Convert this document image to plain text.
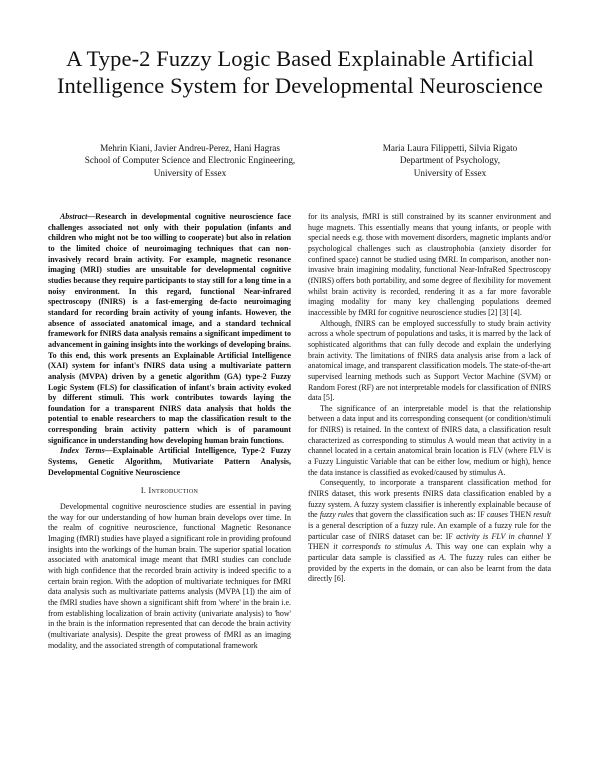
A Type-2 Fuzzy Logic Based Explainable Artificial Intelligence System for Developmental Neuroscience
Mehrin Kiani, Javier Andreu-Perez, Hani Hagras
School of Computer Science and Electronic Engineering,
University of Essex
Maria Laura Filippetti, Silvia Rigato
Department of Psychology,
University of Essex

Abstract—Research in developmental cognitive neuroscience face challenges associated not only with their population (infants and children who might not be too willing to cooperate) but also in relation to the limited choice of neuroimaging techniques that can non-invasively record brain activity. For example, magnetic resonance imaging (MRI) studies are unsuitable for developmental cognitive studies because they require participants to stay still for a long time in a noisy environment. In this regard, functional Near-infrared spectroscopy (fNIRS) is a fast-emerging de-facto neuroimaging standard for recording brain activity of young infants. However, the absence of associated anatomical image, and a standard technical framework for fNIRS data analysis remains a significant impediment to advancement in gaining insights into the workings of developing brains. To this end, this work presents an Explainable Artificial Intelligence (XAI) system for infant's fNIRS data using a multivariate pattern analysis (MVPA) driven by a genetic algorithm (GA) type-2 Fuzzy Logic System (FLS) for classification of infant's brain activity evoked by different stimuli. This work contributes towards laying the foundation for a transparent fNIRS data analysis that holds the potential to enable researchers to map the classification result to the corresponding brain activity pattern which is of paramount significance in understanding how developing human brain functions.

Index Terms—Explainable Artificial Intelligence, Type-2 Fuzzy Systems, Genetic Algorithm, Mutivariate Pattern Analysis, Developmental Cognitive Neuroscience

I. Introduction

Developmental cognitive neuroscience studies are essential in paving the way for our understanding of how human brain develops over time. In the realm of cognitive neuroscience, functional Magnetic Resonance Imaging (fMRI) studies have played a significant role in providing profound insights into the workings of the human brain. The superior spatial location associated with anatomical image meant that fMRI studies can conclude with high confidence that the recorded brain activity is indeed specific to a certain brain region. With the adoption of multivariate techniques for fMRI data analysis such as multivariate patterns analysis (MVPA [1]) the aim of the fMRI studies have shown a significant shift from 'where' in the brain i.e. from establishing localization of brain activity (univariate analysis) to 'how' in the brain is the information represented that can decode the brain activity (multivariate analysis). Despite the great prowess of fMRI as an imaging modality, and the associated strength of computational framework

for its analysis, fMRI is still constrained by its scanner environment and huge magnets. This essentially means that young infants, or people with special needs e.g. those with movement disorders, magnetic implants and/or psychological challenges such as claustrophobia (anxiety disorder for confined space) cannot be studied using fMRI. In comparison, another non-invasive brain imagining modality, functional Near-InfraRed Spectroscopy (fNIRS) offers both portability, and some degree of flexibility for movement whilst brain activity is recorded, rendering it as a far more favorable imaging modality for many key challenging populations deemed inaccessible by fMRI for cognitive neuroscience studies [2] [3] [4].

Although, fNIRS can be employed successfully to study brain activity across a whole spectrum of populations and tasks, it is marred by the lack of sophisticated algorithms that can fully decode and explain the underlying brain activity. The limitations of fNIRS data analysis arise from a lack of anatomical image, and transparent classification models. The state-of-the-art supervised learning methods such as Support Vector Machine (SVM) or Random Forest (RF) are not interpretable models for classification of fNIRS data [5].

The significance of an interpretable model is that the relationship between a data input and its corresponding consequent (or condition/stimuli for fNIRS) is retained. In the context of fNIRS data, a classification result characterized as corresponding to stimulus A would mean that activity in a channel located in a certain anatomical brain location is FLV (where FLV is a Fuzzy Linguistic Variable that can be either low, medium or high), hence the data instance is classified as evoked/caused by stimulus A.

Consequently, to incorporate a transparent classification method for fNIRS dataset, this work presents fNIRS data classification enabled by a fuzzy system. A fuzzy system classifier is inherently explainable because of the fuzzy rules that govern the classification such as: IF causes THEN result is a general description of a fuzzy rule. An example of a fuzzy rule for the particular case of fNIRS dataset can be: IF activity is FLV in channel Y THEN it corresponds to stimulus A. This way one can explain why a particular data sample is classified as A. The fuzzy rules can either be provided by the experts in the domain, or can also be learnt from the data directly [6].
